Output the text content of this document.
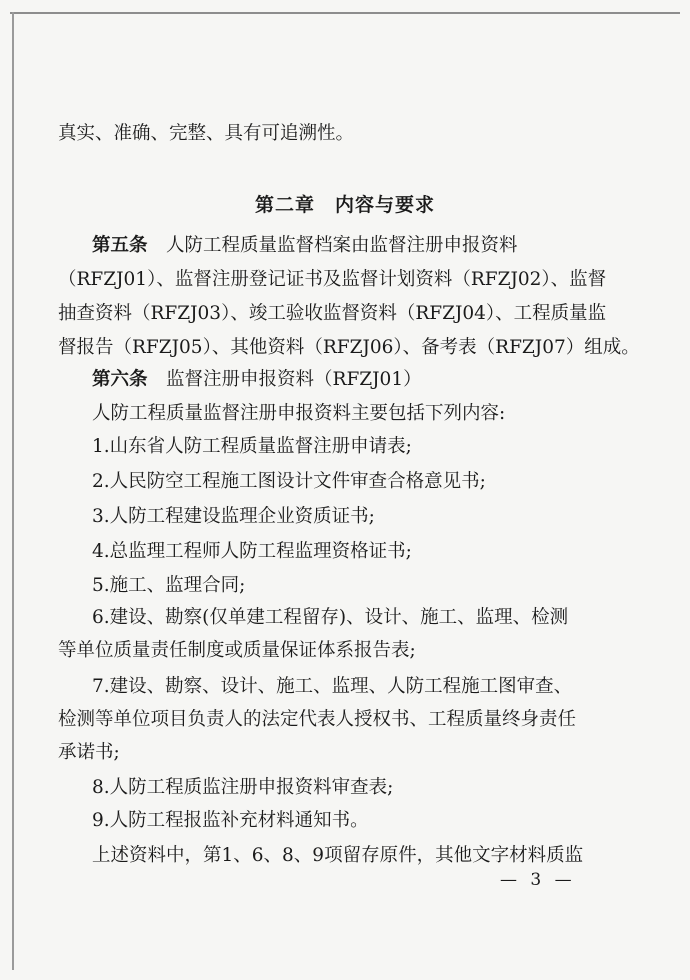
真实、准确、完整、具有可追溯性。
第二章　内容与要求
第五条　人防工程质量监督档案由监督注册申报资料
（RFZJ01）、监督注册登记证书及监督计划资料（RFZJ02）、监督
抽查资料（RFZJ03）、竣工验收监督资料（RFZJ04）、工程质量监
督报告（RFZJ05）、其他资料（RFZJ06）、备考表（RFZJ07）组成。
第六条　监督注册申报资料（RFZJ01）
人防工程质量监督注册申报资料主要包括下列内容:
1.山东省人防工程质量监督注册申请表;
2.人民防空工程施工图设计文件审查合格意见书;
3.人防工程建设监理企业资质证书;
4.总监理工程师人防工程监理资格证书;
5.施工、监理合同;
6.建设、勘察(仅单建工程留存)、设计、施工、监理、检测
等单位质量责任制度或质量保证体系报告表;
7.建设、勘察、设计、施工、监理、人防工程施工图审查、
检测等单位项目负责人的法定代表人授权书、工程质量终身责任
承诺书;
8.人防工程质监注册申报资料审查表;
9.人防工程报监补充材料通知书。
上述资料中，第1、6、8、9项留存原件，其他文字材料质监
— 3 —
